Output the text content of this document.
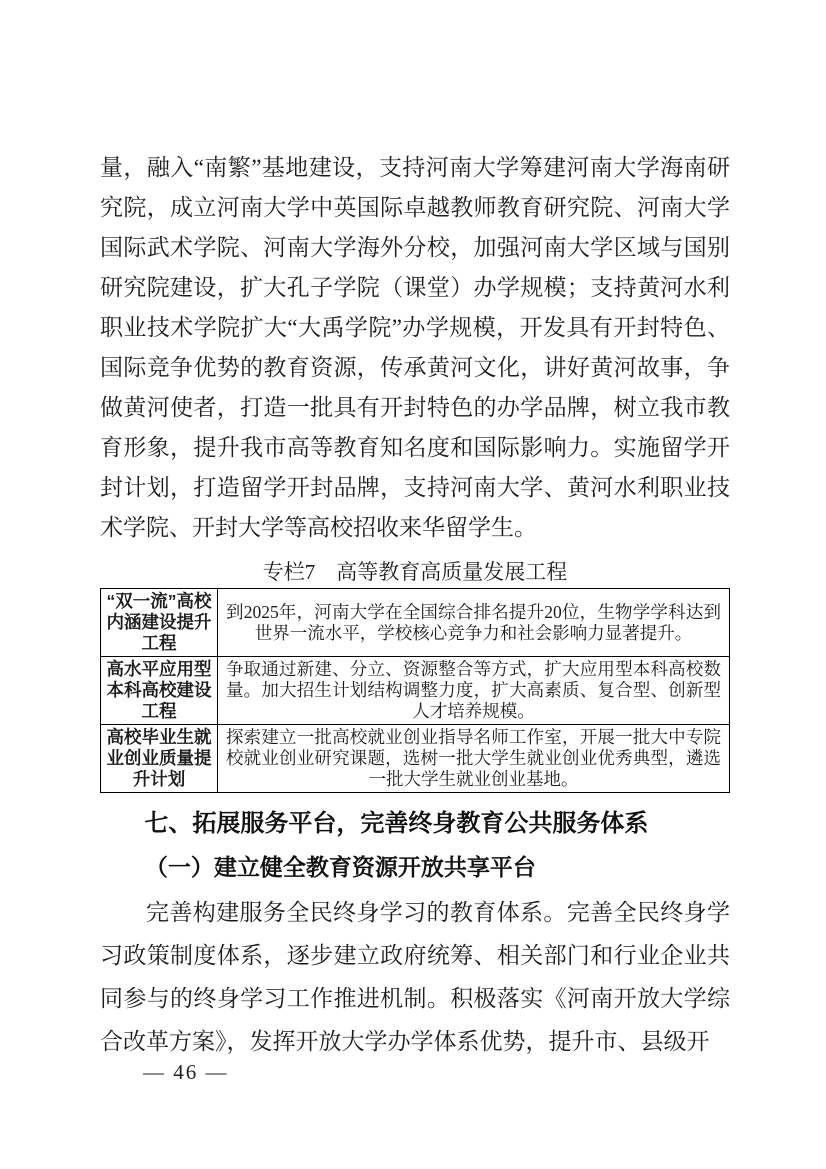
量，融入“南繁”基地建设，支持河南大学筹建河南大学海南研究院，成立河南大学中英国际卓越教师教育研究院、河南大学国际武术学院、河南大学海外分校，加强河南大学区域与国别研究院建设，扩大孔子学院（课堂）办学规模；支持黄河水利职业技术学院扩大“大禹学院”办学规模，开发具有开封特色、国际竞争优势的教育资源，传承黄河文化，讲好黄河故事，争做黄河使者，打造一批具有开封特色的办学品牌，树立我市教育形象，提升我市高等教育知名度和国际影响力。实施留学开封计划，打造留学开封品牌，支持河南大学、黄河水利职业技术学院、开封大学等高校招收来华留学生。

专栏7　高等教育高质量发展工程
“双一流”高校内涵建设提升工程	到2025年，河南大学在全国综合排名提升20位，生物学学科达到世界一流水平，学校核心竞争力和社会影响力显著提升。
高水平应用型本科高校建设工程	争取通过新建、分立、资源整合等方式，扩大应用型本科高校数量。加大招生计划结构调整力度，扩大高素质、复合型、创新型人才培养规模。
高校毕业生就业创业质量提升计划	探索建立一批高校就业创业指导名师工作室，开展一批大中专院校就业创业研究课题，选树一批大学生就业创业优秀典型，遴选一批大学生就业创业基地。
七、拓展服务平台，完善终身教育公共服务体系
（一）建立健全教育资源开放共享平台

完善构建服务全民终身学习的教育体系。完善全民终身学习政策制度体系，逐步建立政府统筹、相关部门和行业企业共同参与的终身学习工作推进机制。积极落实《河南开放大学综合改革方案》，发挥开放大学办学体系优势，提升市、县级开

— 46 —
